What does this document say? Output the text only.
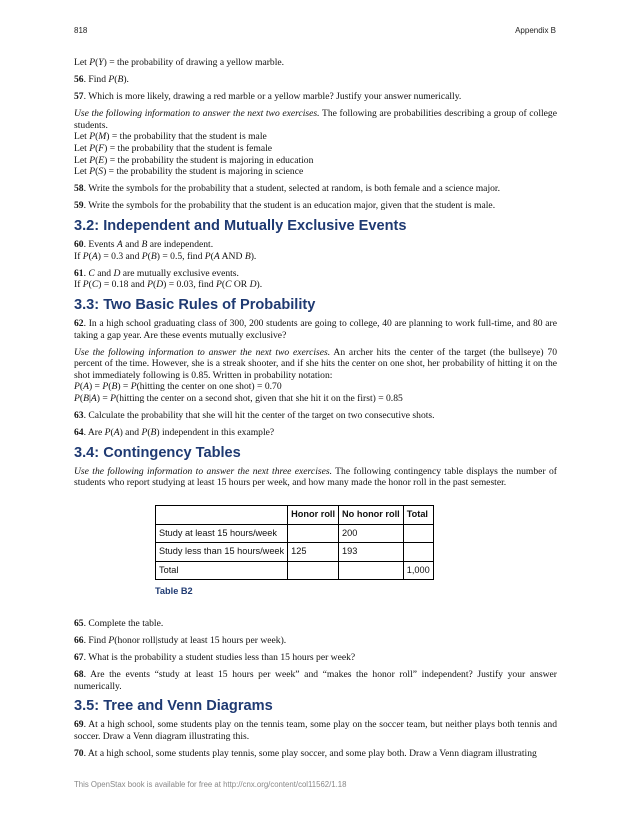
818	Appendix B

Let P(Y) = the probability of drawing a yellow marble.

56. Find P(B).

57. Which is more likely, drawing a red marble or a yellow marble? Justify your answer numerically.

Use the following information to answer the next two exercises. The following are probabilities describing a group of college students.
Let P(M) = the probability that the student is male
Let P(F) = the probability that the student is female
Let P(E) = the probability the student is majoring in education
Let P(S) = the probability the student is majoring in science

58. Write the symbols for the probability that a student, selected at random, is both female and a science major.

59. Write the symbols for the probability that the student is an education major, given that the student is male.

3.2: Independent and Mutually Exclusive Events

60. Events A and B are independent.
If P(A) = 0.3 and P(B) = 0.5, find P(A AND B).

61. C and D are mutually exclusive events.
If P(C) = 0.18 and P(D) = 0.03, find P(C OR D).

3.3: Two Basic Rules of Probability

62. In a high school graduating class of 300, 200 students are going to college, 40 are planning to work full-time, and 80 are taking a gap year. Are these events mutually exclusive?

Use the following information to answer the next two exercises. An archer hits the center of the target (the bullseye) 70 percent of the time. However, she is a streak shooter, and if she hits the center on one shot, her probability of hitting it on the shot immediately following is 0.85. Written in probability notation:
P(A) = P(B) = P(hitting the center on one shot) = 0.70
P(B|A) = P(hitting the center on a second shot, given that she hit it on the first) = 0.85

63. Calculate the probability that she will hit the center of the target on two consecutive shots.

64. Are P(A) and P(B) independent in this example?

3.4: Contingency Tables

Use the following information to answer the next three exercises. The following contingency table displays the number of students who report studying at least 15 hours per week, and how many made the honor roll in the past semester.

	Honor roll	No honor roll	Total
Study at least 15 hours/week		200	
Study less than 15 hours/week	125	193	
Total			1,000
Table B2

65. Complete the table.

66. Find P(honor roll|study at least 15 hours per week).

67. What is the probability a student studies less than 15 hours per week?

68. Are the events “study at least 15 hours per week” and “makes the honor roll” independent? Justify your answer numerically.

3.5: Tree and Venn Diagrams

69. At a high school, some students play on the tennis team, some play on the soccer team, but neither plays both tennis and soccer. Draw a Venn diagram illustrating this.

70. At a high school, some students play tennis, some play soccer, and some play both. Draw a Venn diagram illustrating

This OpenStax book is available for free at http://cnx.org/content/col11562/1.18
